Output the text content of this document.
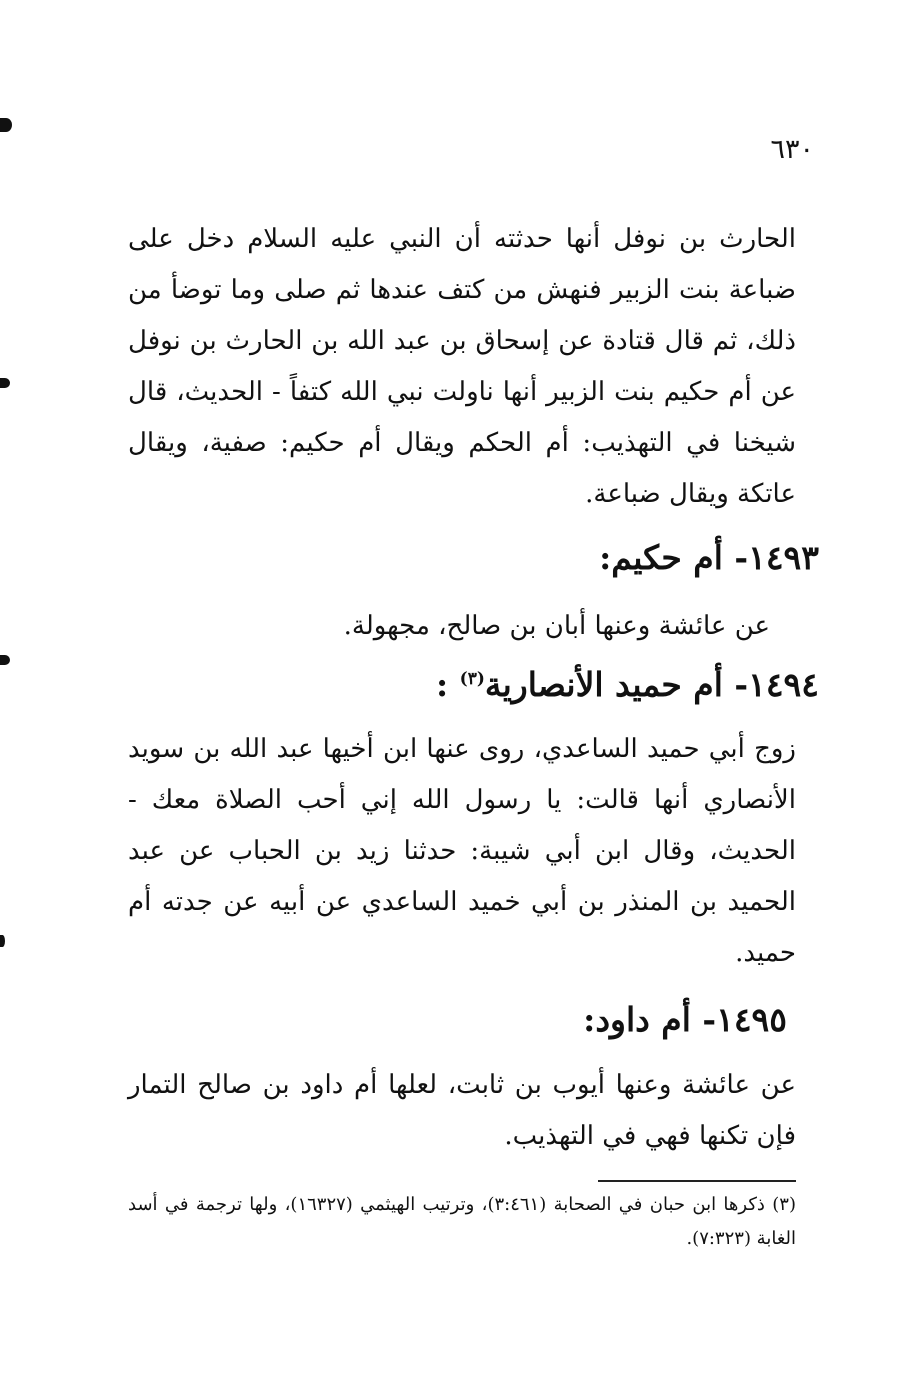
٦٣٠

الحارث بن نوفل أنها حدثته أن النبي عليه السلام دخل على ضباعة بنت الزبير فنهش من كتف عندها ثم صلى وما توضأ من ذلك، ثم قال قتادة عن إسحاق بن عبد الله بن الحارث بن نوفل عن أم حكيم بنت الزبير أنها ناولت نبي الله كتفاً - الحديث، قال شيخنا في التهذيب: أم الحكم ويقال أم حكيم: صفية، ويقال عاتكة ويقال ضباعة.

١٤٩٣- أم حكيم:

عن عائشة وعنها أبان بن صالح، مجهولة.

١٤٩٤- أم حميد الأنصارية$^{(٣)}$ :

زوج أبي حميد الساعدي، روى عنها ابن أخيها عبد الله بن سويد الأنصاري أنها قالت: يا رسول الله إني أحب الصلاة معك - الحديث، وقال ابن أبي شيبة: حدثنا زيد بن الحباب عن عبد الحميد بن المنذر بن أبي خميد الساعدي عن أبيه عن جدته أم حميد.

١٤٩٥- أم داود:

عن عائشة وعنها أيوب بن ثابت، لعلها أم داود بن صالح التمار فإن تكنها فهي في التهذيب.

(٣) ذكرها ابن حبان في الصحابة (٣:٤٦١)، وترتيب الهيثمي (١٦٣٢٧)، ولها ترجمة في أسد الغابة (٧:٣٢٣).
